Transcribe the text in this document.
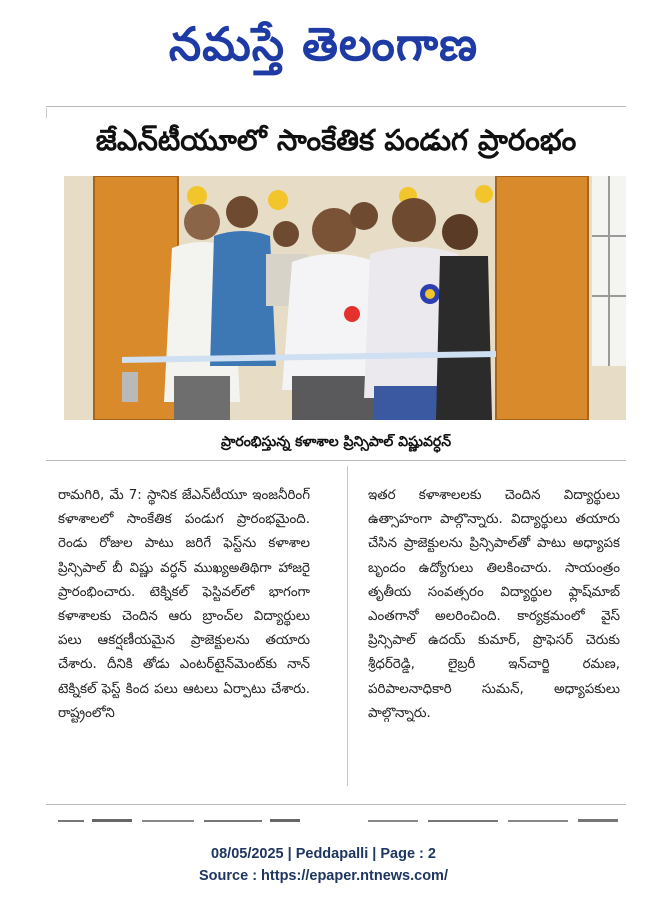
నమస్తే తెలంగాణ
జేఎన్‌టీయూలో సాంకేతిక పండుగ ప్రారంభం
ప్రారంభిస్తున్న కళాశాల ప్రిన్సిపాల్ విష్ణువర్ధన్
రామగిరి, మే 7: స్థానిక జేఎన్‌టీయూ ఇంజనీరింగ్ కళాశాలలో సాంకేతిక పండుగ ప్రారంభమైంది. రెండు రోజుల పాటు జరిగే ఫెస్ట్‌ను కళాశాల ప్రిన్సిపాల్ బీ విష్ణు వర్ధన్ ముఖ్యఅతిథిగా హాజరై ప్రారంభించారు. టెక్నికల్ ఫెస్టివల్‌లో భాగంగా కళాశాలకు చెందిన ఆరు బ్రాంచ్‌ల విద్యార్థులు పలు ఆకర్షణీయమైన ప్రాజెక్టులను తయారు చేశారు. దీనికి తోడు ఎంటర్‌టైన్‌మెంట్‌కు నాన్ టెక్నికల్ ఫెస్ట్ కింద పలు ఆటలు ఏర్పాటు చేశారు. రాష్ట్రంలోని
ఇతర కళాశాలలకు చెందిన విద్యార్థులు ఉత్సాహంగా పాల్గొన్నారు. విద్యార్థులు తయారు చేసిన ప్రాజెక్టులను ప్రిన్సిపాల్‌తో పాటు అధ్యాపక బృందం ఉద్యోగులు తిలకించారు. సాయంత్రం తృతీయ సంవత్సరం విద్యార్థుల ఫ్లాష్‌మాబ్ ఎంతగానో అలరించింది. కార్యక్రమంలో వైస్ ప్రిన్సిపాల్ ఉదయ్ కుమార్, ప్రొఫెసర్ చెరుకు శ్రీధర్‌రెడ్డి, లైబ్రరీ ఇన్‌చార్జి రమణ, పరిపాలనాధికారి సుమన్, అధ్యాపకులు పాల్గొన్నారు.
08/05/2025 | Peddapalli | Page : 2
Source : https://epaper.ntnews.com/
